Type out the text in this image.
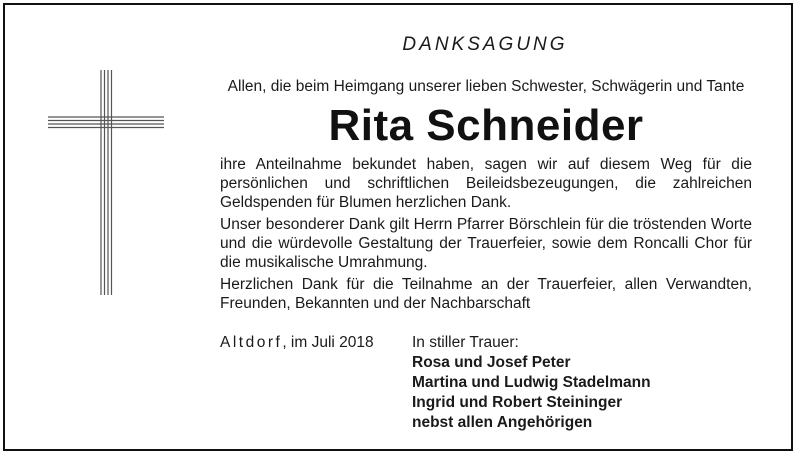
DANKSAGUNG
Allen, die beim Heimgang unserer lieben Schwester, Schwägerin und Tante
Rita Schneider

ihre Anteilnahme bekundet haben, sagen wir auf diesem Weg für die persönlichen und schriftlichen Beileidsbezeugungen, die zahlreichen Geldspenden für Blumen herzlichen Dank.

Unser besonderer Dank gilt Herrn Pfarrer Börschlein für die tröstenden Worte und die würdevolle Gestaltung der Trauerfeier, sowie dem Roncalli Chor für die musikalische Umrahmung.

Herzlichen Dank für die Teilnahme an der Trauerfeier, allen Verwandten, Freunden, Bekannten und der Nachbarschaft

Altdorf, im Juli 2018 In stiller Trauer:
Rosa und Josef Peter
Martina und Ludwig Stadelmann
Ingrid und Robert Steininger
nebst allen Angehörigen
